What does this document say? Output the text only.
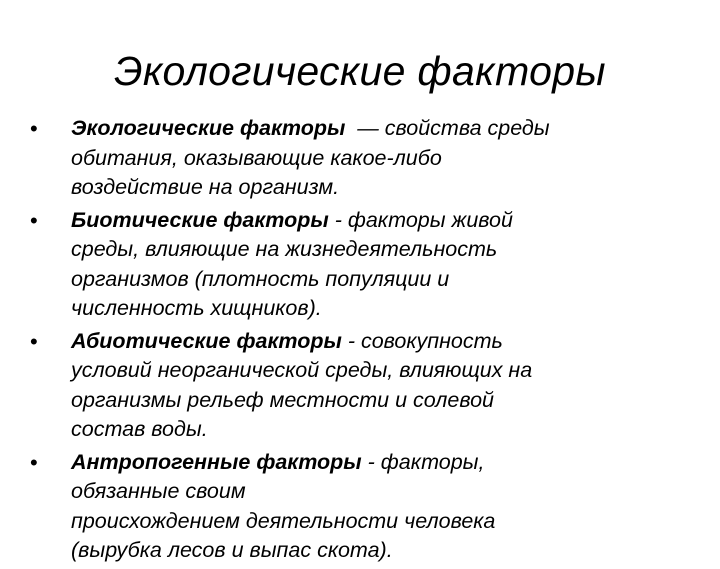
Экологические факторы
• Экологические факторы  — свойства среды
обитания, оказывающие какое-либо
воздействие на организм.
• Биотические факторы - факторы живой
среды, влияющие на жизнедеятельность
организмов (плотность популяции и
численность хищников).
• Абиотические факторы - совокупность
условий неорганической среды, влияющих на
организмы рельеф местности и солевой
состав воды.
• Антропогенные факторы - факторы,
обязанные своим
происхождением деятельности человека
(вырубка лесов и выпас скота).
